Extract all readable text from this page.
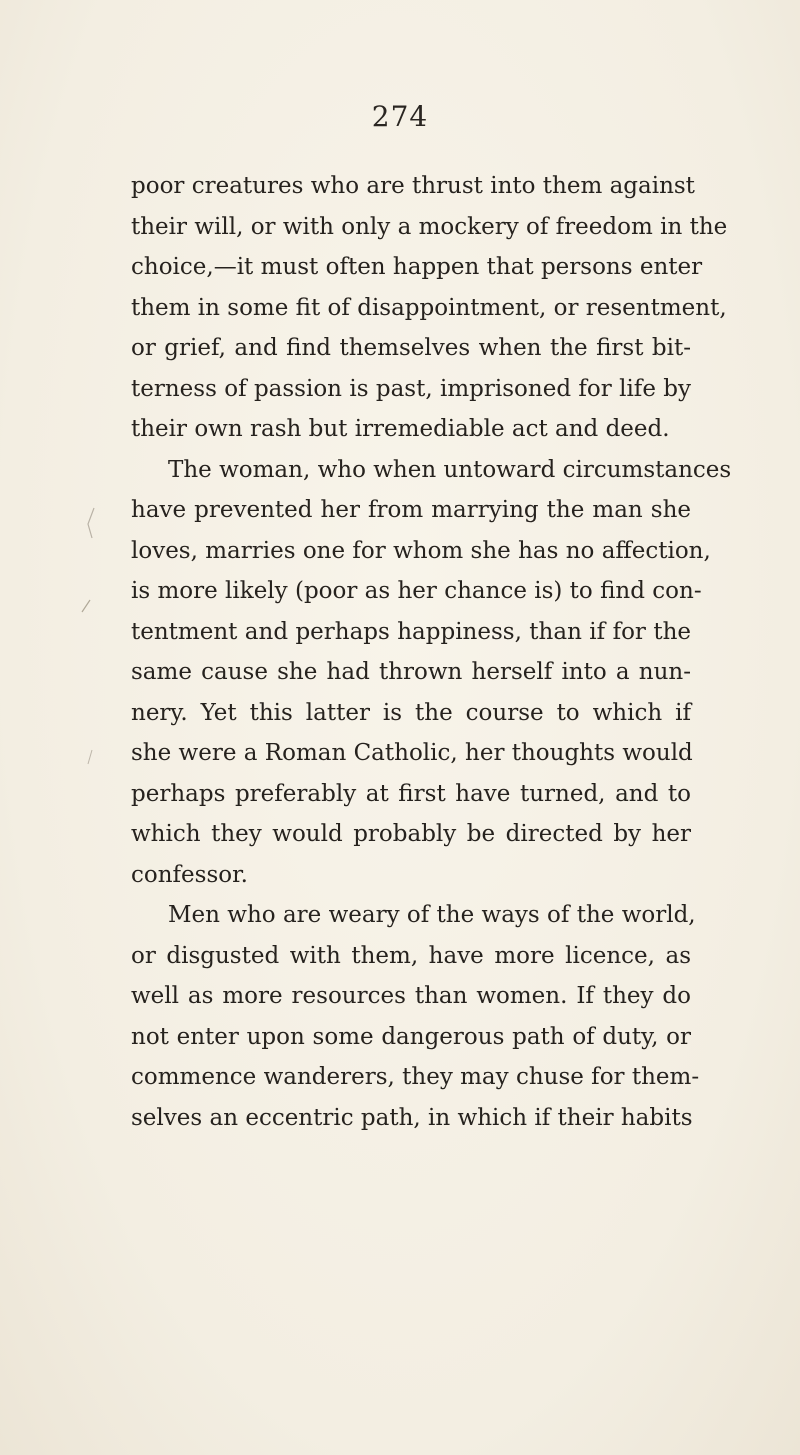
274
poor creatures who are thrust into them against
their will, or with only a mockery of freedom in the
choice,—it must often happen that persons enter
them in some fit of disappointment, or resentment,
or grief, and find themselves when the first bit-
terness of passion is past, imprisoned for life by
their own rash but irremediable act and deed.
The woman, who when untoward circumstances
have prevented her from marrying the man she
loves, marries one for whom she has no affection,
is more likely (poor as her chance is) to find con-
tentment and perhaps happiness, than if for the
same cause she had thrown herself into a nun-
nery. Yet this latter is the course to which if
she were a Roman Catholic, her thoughts would
perhaps preferably at first have turned, and to
which they would probably be directed by her
confessor.
Men who are weary of the ways of the world,
or disgusted with them, have more licence, as
well as more resources than women. If they do
not enter upon some dangerous path of duty, or
commence wanderers, they may chuse for them-
selves an eccentric path, in which if their habits
